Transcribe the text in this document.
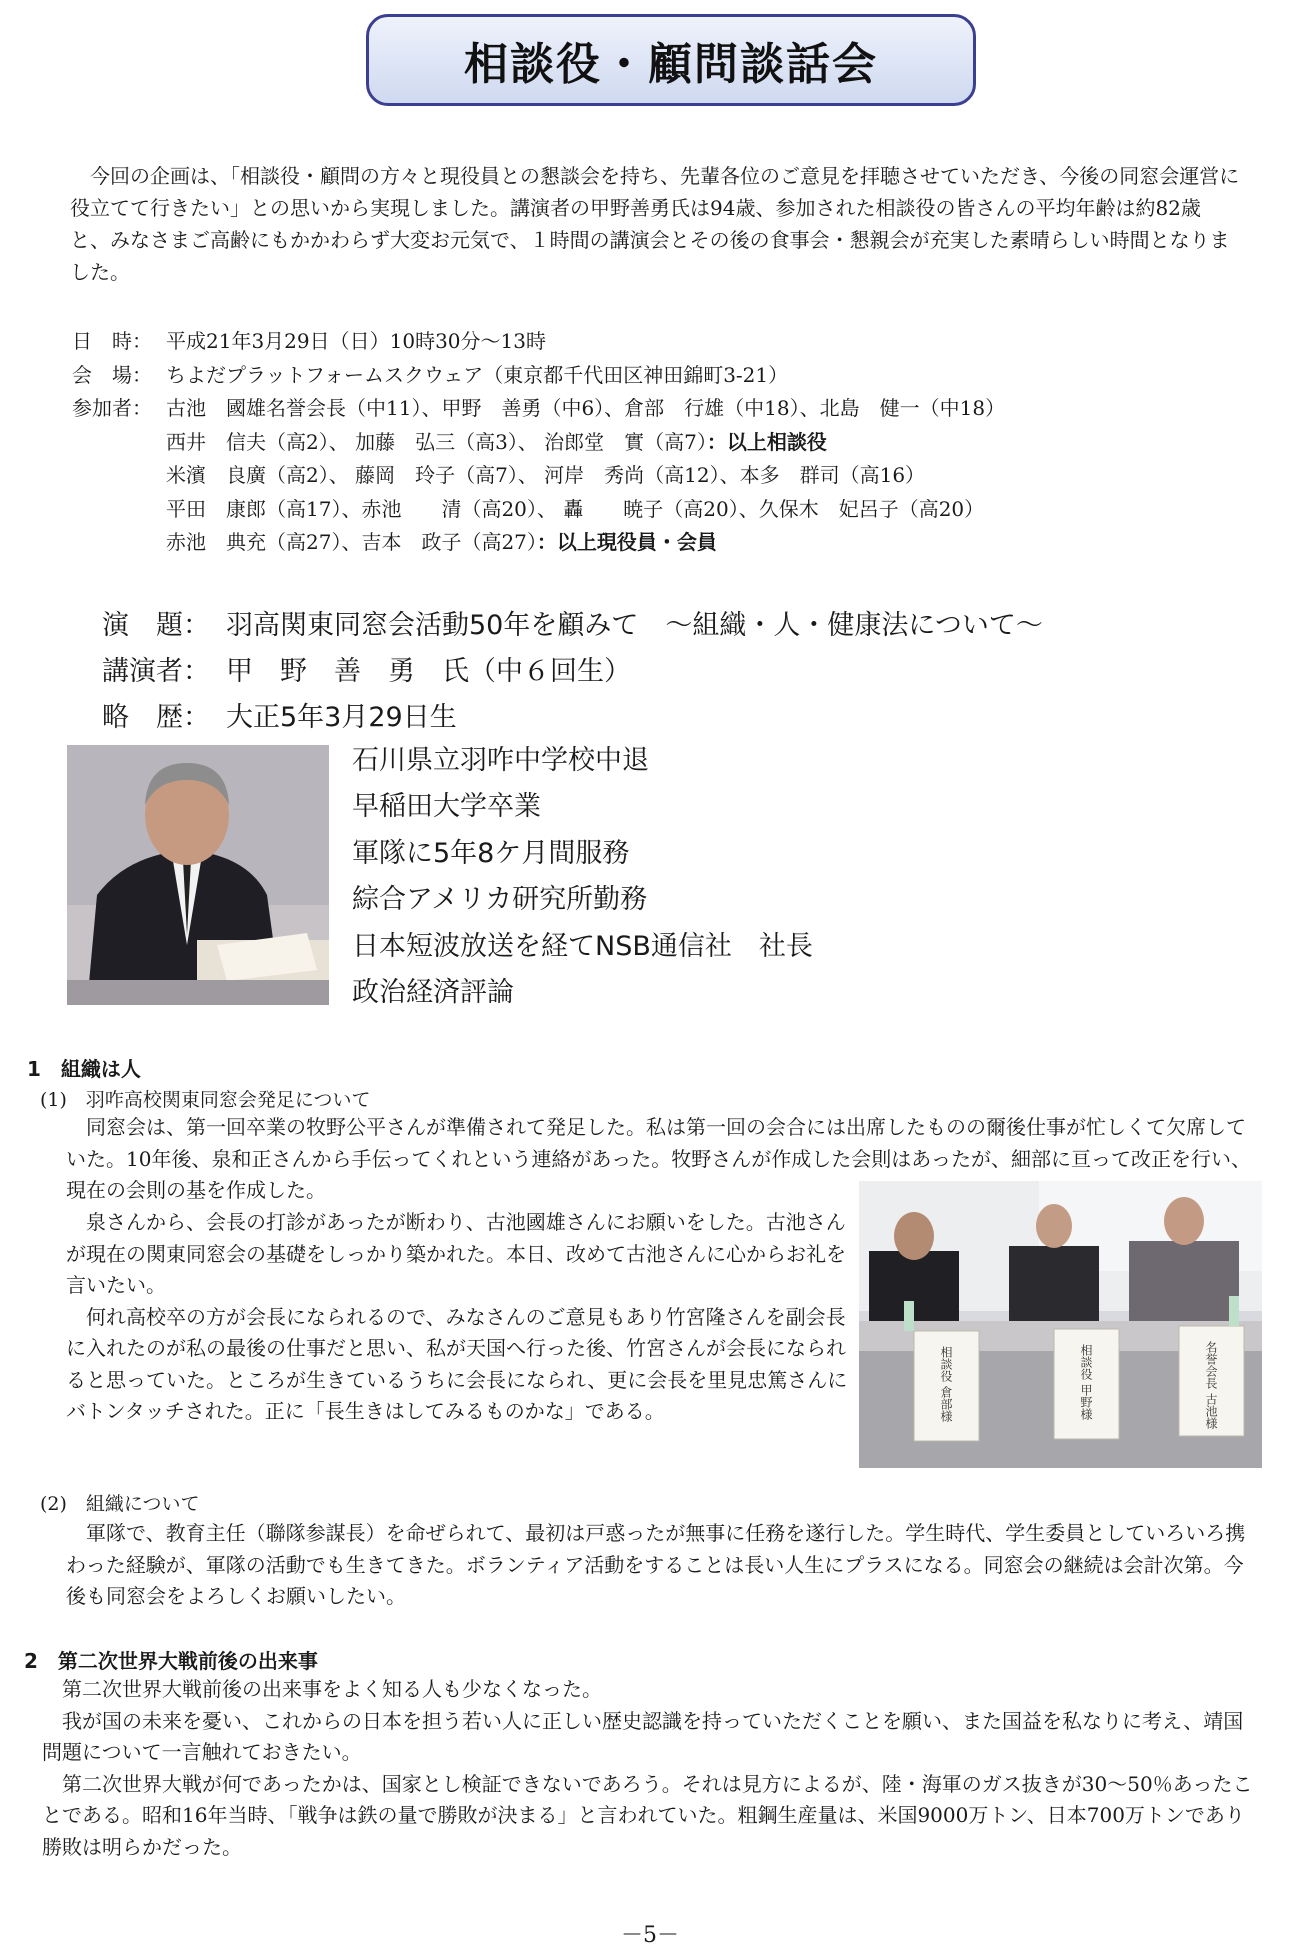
相談役・顧問談話会

今回の企画は、「相談役・顧問の方々と現役員との懇談会を持ち、先輩各位のご意見を拝聴させていただき、今後の同窓会運営に役立てて行きたい」との思いから実現しました。講演者の甲野善勇氏は94歳、参加された相談役の皆さんの平均年齢は約82歳と、みなさまご高齢にもかかわらず大変お元気で、１時間の講演会とその後の食事会・懇親会が充実した素晴らしい時間となりました。

日　時： 平成21年3月29日（日）10時30分～13時
会　場： ちよだプラットフォームスクウェア（東京都千代田区神田錦町3-21）
参加者： 古池　國雄名誉会長（中11）、甲野　善勇（中6）、倉部　行雄（中18）、北島　健一（中18）
西井　信夫（高2）、 加藤　弘三（高3）、 治郎堂　實（高7）：以上相談役
米濱　良廣（高2）、 藤岡　玲子（高7）、 河岸　秀尚（高12）、本多　群司（高16）
平田　康郎（高17）、赤池　　清（高20）、 轟　　暁子（高20）、久保木　妃呂子（高20）
赤池　典充（高27）、吉本　政子（高27）：以上現役員・会員
演　題： 羽高関東同窓会活動50年を顧みて　～組織・人・健康法について～
講演者： 甲　野　善　勇　氏（中６回生）
略　歴： 大正5年3月29日生
石川県立羽咋中学校中退
早稲田大学卒業
軍隊に5年8ケ月間服務
綜合アメリカ研究所勤務
日本短波放送を経てNSB通信社　社長
政治経済評論
1　組織は人
(1)　羽咋高校関東同窓会発足について

同窓会は、第一回卒業の牧野公平さんが準備されて発足した。私は第一回の会合には出席したものの爾後仕事が忙しくて欠席していた。10年後、泉和正さんから手伝ってくれという連絡があった。牧野さんが作成した会則はあったが、細部に亘って改正を行い、現在の会則の基を作成した。

泉さんから、会長の打診があったが断わり、古池國雄さんにお願いをした。古池さんが現在の関東同窓会の基礎をしっかり築かれた。本日、改めて古池さんに心からお礼を言いたい。

何れ高校卒の方が会長になられるので、みなさんのご意見もあり竹宮隆さんを副会長に入れたのが私の最後の仕事だと思い、私が天国へ行った後、竹宮さんが会長になられると思っていた。ところが生きているうちに会長になられ、更に会長を里見忠篤さんにバトンタッチされた。正に「長生きはしてみるものかな」である。	相談役 倉部様	相談役 甲野様	名誉会長 古池様
(2)　組織について

軍隊で、教育主任（聯隊参謀長）を命ぜられて、最初は戸惑ったが無事に任務を遂行した。学生時代、学生委員としていろいろ携わった経験が、軍隊の活動でも生きてきた。ボランティア活動をすることは長い人生にプラスになる。同窓会の継続は会計次第。今後も同窓会をよろしくお願いしたい。

2　第二次世界大戦前後の出来事

第二次世界大戦前後の出来事をよく知る人も少なくなった。

我が国の未来を憂い、これからの日本を担う若い人に正しい歴史認識を持っていただくことを願い、また国益を私なりに考え、靖国問題について一言触れておきたい。

第二次世界大戦が何であったかは、国家とし検証できないであろう。それは見方によるが、陸・海軍のガス抜きが30～50％あったことである。昭和16年当時、「戦争は鉄の量で勝敗が決まる」と言われていた。粗鋼生産量は、米国9000万トン、日本700万トンであり勝敗は明らかだった。

－5－
